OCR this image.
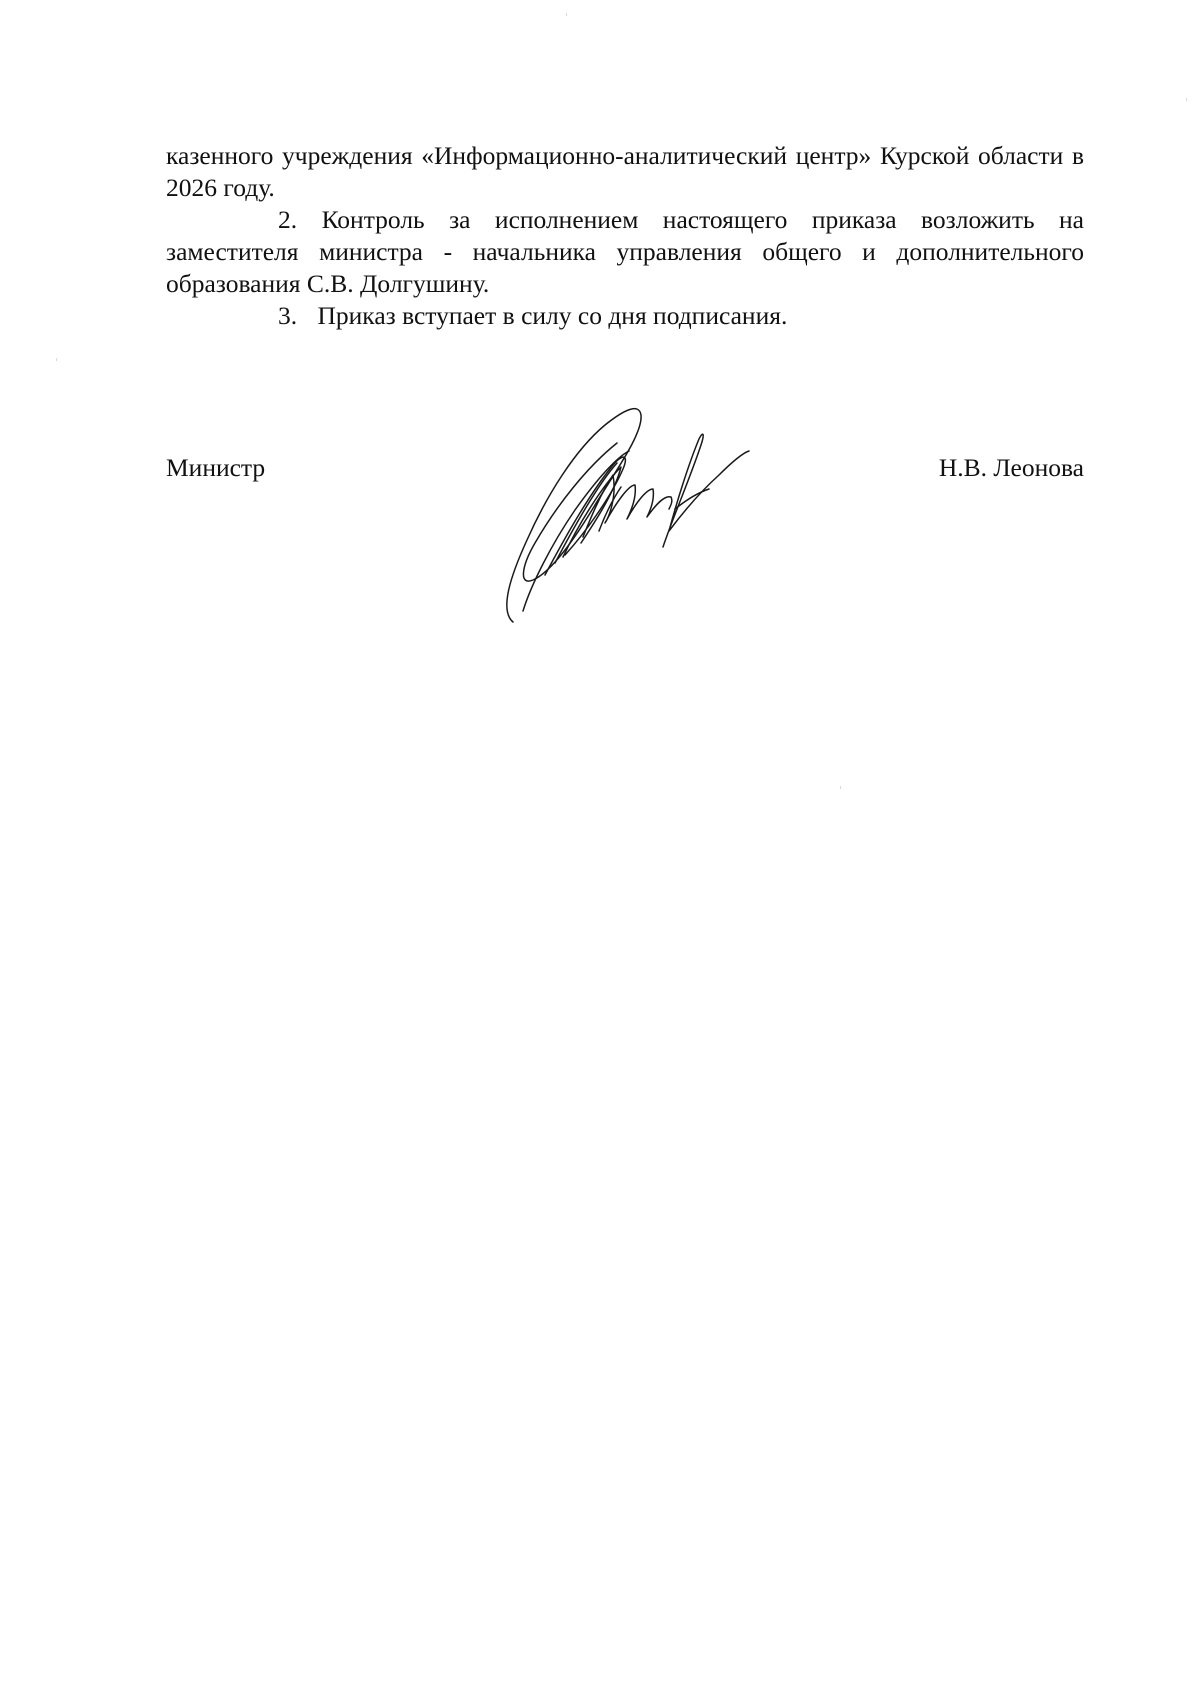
казенного учреждения «Информационно-аналитический центр» Курской области в 2026 году.

2. Контроль за исполнением настоящего приказа возложить на заместителя министра - начальника управления общего и дополнительного образования С.В. Долгушину.

3. Приказ вступает в силу со дня подписания.

Министр	Н.В. Леонова
